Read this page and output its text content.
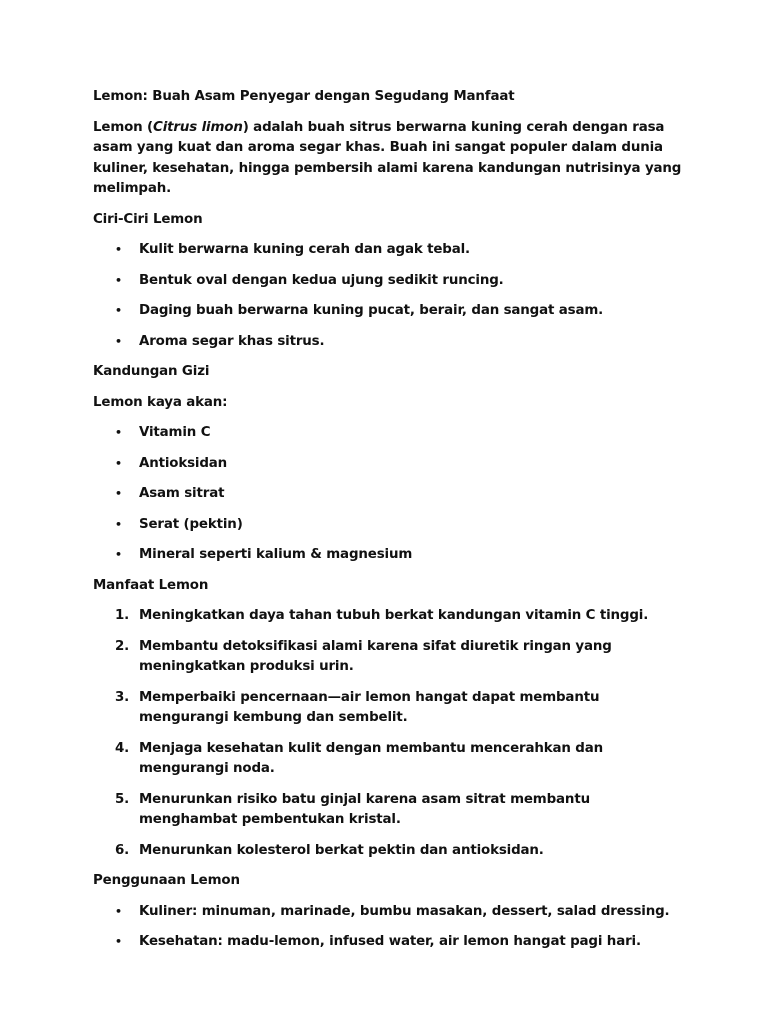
Lemon: Buah Asam Penyegar dengan Segudang Manfaat

Lemon (Citrus limon) adalah buah sitrus berwarna kuning cerah dengan rasa asam yang kuat dan aroma segar khas. Buah ini sangat populer dalam dunia kuliner, kesehatan, hingga pembersih alami karena kandungan nutrisinya yang melimpah.

Ciri-Ciri Lemon

• Kulit berwarna kuning cerah dan agak tebal.
• Bentuk oval dengan kedua ujung sedikit runcing.
• Daging buah berwarna kuning pucat, berair, dan sangat asam.
• Aroma segar khas sitrus.

Kandungan Gizi

Lemon kaya akan:

• Vitamin C
• Antioksidan
• Asam sitrat
• Serat (pektin)
• Mineral seperti kalium & magnesium

Manfaat Lemon

1. Meningkatkan daya tahan tubuh berkat kandungan vitamin C tinggi.
2. Membantu detoksifikasi alami karena sifat diuretik ringan yang meningkatkan produksi urin.
3. Memperbaiki pencernaan—air lemon hangat dapat membantu mengurangi kembung dan sembelit.
4. Menjaga kesehatan kulit dengan membantu mencerahkan dan mengurangi noda.
5. Menurunkan risiko batu ginjal karena asam sitrat membantu menghambat pembentukan kristal.
6. Menurunkan kolesterol berkat pektin dan antioksidan.

Penggunaan Lemon

• Kuliner: minuman, marinade, bumbu masakan, dessert, salad dressing.
• Kesehatan: madu-lemon, infused water, air lemon hangat pagi hari.
